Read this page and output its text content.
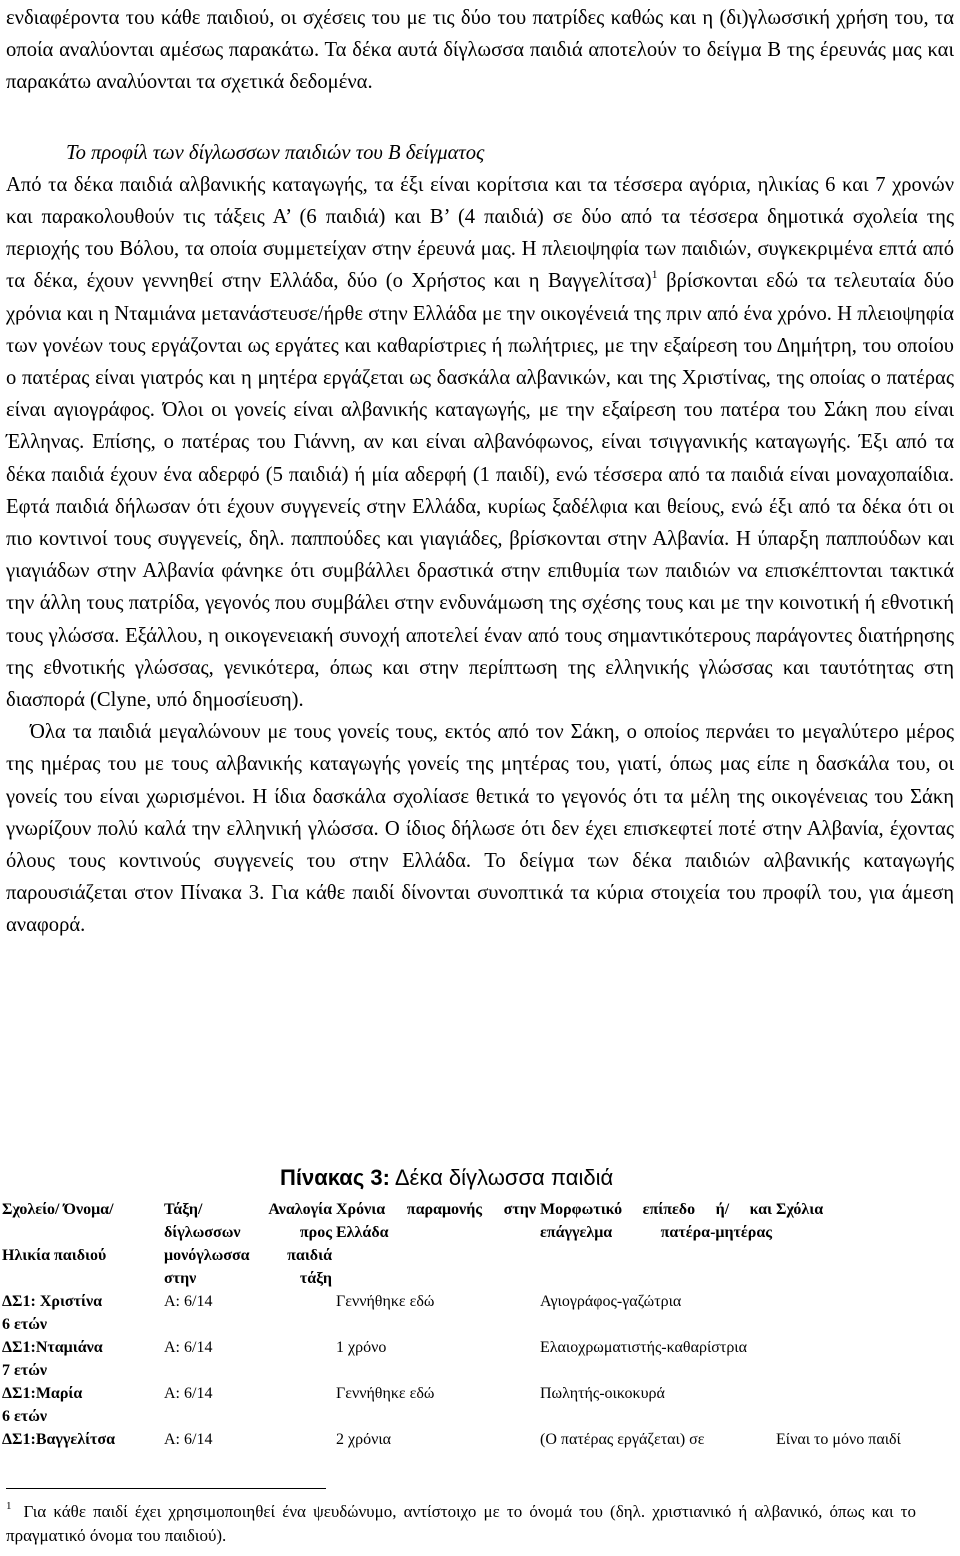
ενδιαφέροντα του κάθε παιδιού, οι σχέσεις του με τις δύο του πατρίδες καθώς και η (δι)γλωσσική χρήση του, τα οποία αναλύονται αμέσως παρακάτω. Τα δέκα αυτά δίγλωσσα παιδιά αποτελούν το δείγμα Β της έρευνάς μας και παρακάτω αναλύονται τα σχετικά δεδομένα.

Το προφίλ των δίγλωσσων παιδιών του Β δείγματος

Από τα δέκα παιδιά αλβανικής καταγωγής, τα έξι είναι κορίτσια και τα τέσσερα αγόρια, ηλικίας 6 και 7 χρονών και παρακολουθούν τις τάξεις Α’ (6 παιδιά) και Β’ (4 παιδιά) σε δύο από τα τέσσερα δημοτικά σχολεία της περιοχής του Βόλου, τα οποία συμμετείχαν στην έρευνά μας. Η πλειοψηφία των παιδιών, συγκεκριμένα επτά από τα δέκα, έχουν γεννηθεί στην Ελλάδα, δύο (ο Χρήστος και η Βαγγελίτσα)$^1$ βρίσκονται εδώ τα τελευταία δύο χρόνια και η Νταμιάνα μετανάστευσε/ήρθε στην Ελλάδα με την οικογένειά της πριν από ένα χρόνο. Η πλειοψηφία των γονέων τους εργάζονται ως εργάτες και καθαρίστριες ή πωλήτριες, με την εξαίρεση του Δημήτρη, του οποίου ο πατέρας είναι γιατρός και η μητέρα εργάζεται ως δασκάλα αλβανικών, και της Χριστίνας, της οποίας ο πατέρας είναι αγιογράφος. Όλοι οι γονείς είναι αλβανικής καταγωγής, με την εξαίρεση του πατέρα του Σάκη που είναι Έλληνας. Επίσης, ο πατέρας του Γιάννη, αν και είναι αλβανόφωνος, είναι τσιγγανικής καταγωγής. Έξι από τα δέκα παιδιά έχουν ένα αδερφό (5 παιδιά) ή μία αδερφή (1 παιδί), ενώ τέσσερα από τα παιδιά είναι μοναχοπαίδια. Εφτά παιδιά δήλωσαν ότι έχουν συγγενείς στην Ελλάδα, κυρίως ξαδέλφια και θείους, ενώ έξι από τα δέκα ότι οι πιο κοντινοί τους συγγενείς, δηλ. παππούδες και γιαγιάδες, βρίσκονται στην Αλβανία. Η ύπαρξη παππούδων και γιαγιάδων στην Αλβανία φάνηκε ότι συμβάλλει δραστικά στην επιθυμία των παιδιών να επισκέπτονται τακτικά την άλλη τους πατρίδα, γεγονός που συμβάλει στην ενδυνάμωση της σχέσης τους και με την κοινοτική ή εθνοτική τους γλώσσα. Εξάλλου, η οικογενειακή συνοχή αποτελεί έναν από τους σημαντικότερους παράγοντες διατήρησης της εθνοτικής γλώσσας, γενικότερα, όπως και στην περίπτωση της ελληνικής γλώσσας και ταυτότητας στη διασπορά (Clyne, υπό δημοσίευση).

Όλα τα παιδιά μεγαλώνουν με τους γονείς τους, εκτός από τον Σάκη, ο οποίος περνάει το μεγαλύτερο μέρος της ημέρας του με τους αλβανικής καταγωγής γονείς της μητέρας του, γιατί, όπως μας είπε η δασκάλα του, οι γονείς του είναι χωρισμένοι. Η ίδια δασκάλα σχολίασε θετικά το γεγονός ότι τα μέλη της οικογένειας του Σάκη γνωρίζουν πολύ καλά την ελληνική γλώσσα. Ο ίδιος δήλωσε ότι δεν έχει επισκεφτεί ποτέ στην Αλβανία, έχοντας όλους τους κοντινούς συγγενείς του στην Ελλάδα. Το δείγμα των δέκα παιδιών αλβανικής καταγωγής παρουσιάζεται στον Πίνακα 3. Για κάθε παιδί δίνονται συνοπτικά τα κύρια στοιχεία του προφίλ του, για άμεση αναφορά.

Πίνακας 3: Δέκα δίγλωσσα παιδιά
Σχολείο/ Όνομα/
Ηλικία παιδιού	Τάξη/ Αναλογία δίγλωσσων προς μονόγλωσσα παιδιά στην τάξη	Χρόνια παραμονής στην Ελλάδα	Μορφωτικό επίπεδο ή/ και επάγγελμα πατέρα-μητέρας	Σχόλια

ΔΣ1: Χριστίνα
6 ετών	Α: 6/14	Γεννήθηκε εδώ	Αγιογράφος-γαζώτρια	

ΔΣ1:Νταμιάνα
7 ετών	Α: 6/14	1 χρόνο	Ελαιοχρωματιστής-καθαρίστρια	

ΔΣ1:Μαρία
6 ετών	Α: 6/14	Γεννήθηκε εδώ	Πωλητής-οικοκυρά	

ΔΣ1:Βαγγελίτσα	Α: 6/14	2 χρόνια	(Ο πατέρας εργάζεται) σε	Είναι το μόνο παιδί
$^1$ Για κάθε παιδί έχει χρησιμοποιηθεί ένα ψευδώνυμο, αντίστοιχο με το όνομά του (δηλ. χριστιανικό ή αλβανικό, όπως και το πραγματικό όνομα του παιδιού).
